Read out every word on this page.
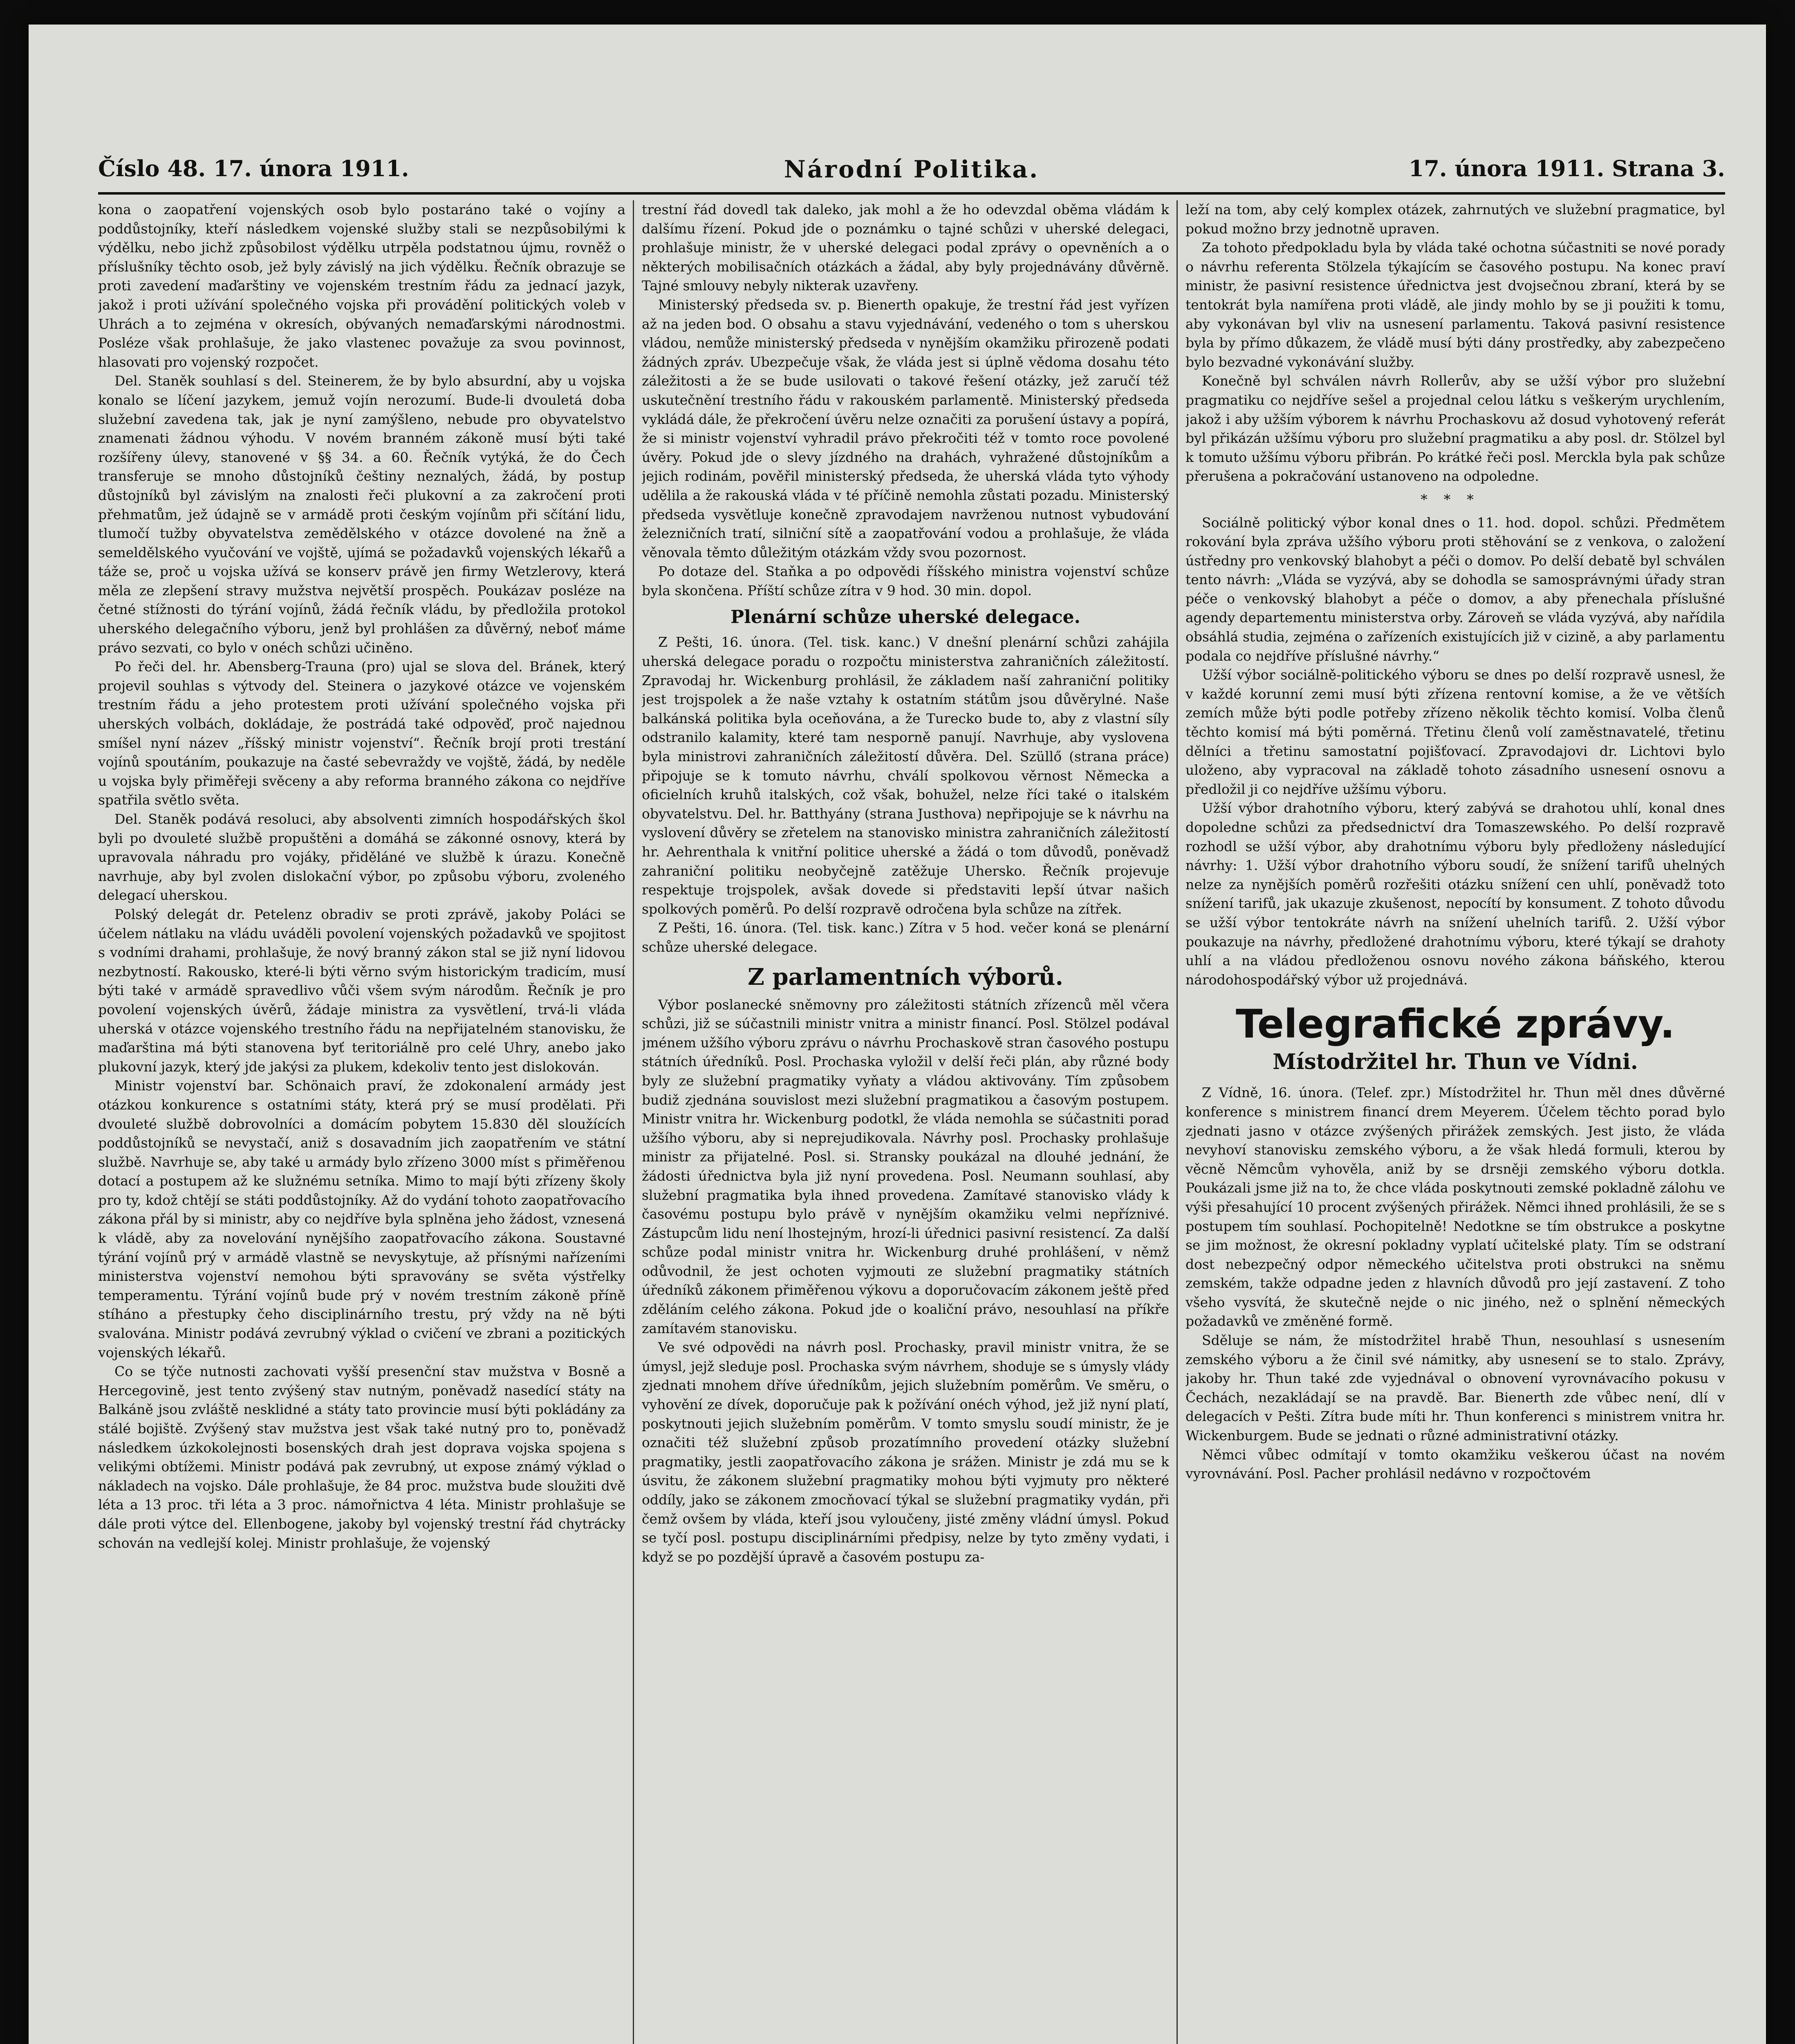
Číslo 48. 17. února 1911.	Národní Politika.	17. února 1911. Strana 3.

kona o zaopatření vojenských osob bylo postaráno také o vojíny a poddůstojníky, kteří následkem vojenské služby stali se nezpůsobilými k výdělku, nebo jichž způsobilost výdělku utrpěla podstatnou újmu, rovněž o příslušníky těchto osob, jež byly závislý na jich výdělku. Řečník obrazuje se proti zavedení maďarštiny ve vojenském trestním řádu za jednací jazyk, jakož i proti užívání společného vojska při provádění politických voleb v Uhrách a to zejména v okresích, obývaných nemaďarskými národnostmi. Posléze však prohlašuje, že jako vlastenec považuje za svou povinnost, hlasovati pro vojenský rozpočet.

Del. Staněk souhlasí s del. Steinerem, že by bylo absurdní, aby u vojska konalo se líčení jazykem, jemuž vojín nerozumí. Bude-li dvouletá doba služební zavedena tak, jak je nyní zamýšleno, nebude pro obyvatelstvo znamenati žádnou výhodu. V novém branném zákoně musí býti také rozšířeny úlevy, stanovené v §§ 34. a 60. Řečník vytýká, že do Čech transferuje se mnoho důstojníků češtiny neznalých, žádá, by postup důstojníků byl závislým na znalosti řeči plukovní a za zakročení proti přehmatům, jež údajně se v armádě proti českým vojínům při sčítání lidu, tlumočí tužby obyvatelstva zemědělského v otázce dovolené na žně a semeldělského vyučování ve vojště, ujímá se požadavků vojenských lékařů a táže se, proč u vojska užívá se konserv právě jen firmy Wetzlerovy, která měla ze zlepšení stravy mužstva největší prospěch. Poukázav posléze na četné stížnosti do týrání vojínů, žádá řečník vládu, by předložila protokol uherského delegačního výboru, jenž byl prohlášen za důvěrný, neboť máme právo sezvati, co bylo v onéch schůzi učiněno.

Po řeči del. hr. Abensberg-Trauna (pro) ujal se slova del. Bránek, který projevil souhlas s výtvody del. Steinera o jazykové otázce ve vojenském trestním řádu a jeho protestem proti užívání společného vojska při uherských volbách, dokládaje, že postrádá také odpověď, proč najednou smíšel nyní název „říšský ministr vojenství“. Řečník brojí proti trestání vojínů spoutáním, poukazuje na časté sebevraždy ve vojště, žádá, by neděle u vojska byly přiměřeji svěceny a aby reforma branného zákona co nejdříve spatřila světlo světa.

Del. Staněk podává resoluci, aby absolventi zimních hospodářských škol byli po dvouleté službě propuštěni a domáhá se zákonné osnovy, která by upravovala náhradu pro vojáky, přiděláné ve službě k úrazu. Konečně navrhuje, aby byl zvolen dislokační výbor, po způsobu výboru, zvoleného delegací uherskou.

Polský delegát dr. Petelenz obradiv se proti zprávě, jakoby Poláci se účelem nátlaku na vládu uváděli povolení vojenských požadavků ve spojitost s vodními drahami, prohlašuje, že nový branný zákon stal se již nyní lidovou nezbytností. Rakousko, které-li býti věrno svým historickým tradicím, musí býti také v armádě spravedlivo vůči všem svým národům. Řečník je pro povolení vojenských úvěrů, žádaje ministra za vysvětlení, trvá-li vláda uherská v otázce vojenského trestního řádu na nepřijatelném stanovisku, že maďarština má býti stanovena byť teritoriálně pro celé Uhry, anebo jako plukovní jazyk, který jde jakýsi za plukem, kdekoliv tento jest dislokován.

Ministr vojenství bar. Schönaich praví, že zdokonalení armády jest otázkou konkurence s ostatními státy, která prý se musí prodělati. Při dvouleté službě dobrovolníci a domácím pobytem 15.830 děl sloužících poddůstojníků se nevystačí, aniž s dosavadním jich zaopatřením ve státní službě. Navrhuje se, aby také u armády bylo zřízeno 3000 míst s přiměřenou dotací a postupem až ke služnému setníka. Mimo to mají býti zřízeny školy pro ty, kdož chtějí se státi poddůstojníky. Až do vydání tohoto zaopatřovacího zákona přál by si ministr, aby co nejdříve byla splněna jeho žádost, vznesená k vládě, aby za novelování nynějšího zaopatřovacího zákona. Soustavné týrání vojínů prý v armádě vlastně se nevyskytuje, až přísnými nařízeními ministerstva vojenství nemohou býti spravovány se světa výstřelky temperamentu. Týrání vojínů bude prý v novém trestním zákoně příně stíháno a přestupky čeho disciplinárního trestu, prý vždy na ně býti svalována. Ministr podává zevrubný výklad o cvičení ve zbrani a pozitických vojenských lékařů.

Co se týče nutnosti zachovati vyšší presenční stav mužstva v Bosně a Hercegovině, jest tento zvýšený stav nutným, poněvadž nasedící státy na Balkáně jsou zvláště nesklidné a státy tato provincie musí býti pokládány za stálé bojiště. Zvýšený stav mužstva jest však také nutný pro to, poněvadž následkem úzkokolejnosti bosenských drah jest doprava vojska spojena s velikými obtížemi. Ministr podává pak zevrubný, ut expose známý výklad o nákladech na vojsko. Dále prohlašuje, že 84 proc. mužstva bude sloužiti dvě léta a 13 proc. tři léta a 3 proc. námořnictva 4 léta. Ministr prohlašuje se dále proti výtce del. Ellenbogene, jakoby byl vojenský trestní řád chytrácky schován na vedlejší kolej. Ministr prohlašuje, že vojenský

trestní řád dovedl tak daleko, jak mohl a že ho odevzdal oběma vládám k dalšímu řízení. Pokud jde o poznámku o tajné schůzi v uherské delegaci, prohlašuje ministr, že v uherské delegaci podal zprávy o opevněních a o některých mobilisačních otázkách a žádal, aby byly projednávány důvěrně. Tajné smlouvy nebyly nikterak uzavřeny.

Ministerský předseda sv. p. Bienerth opakuje, že trestní řád jest vyřízen až na jeden bod. O obsahu a stavu vyjednávání, vedeného o tom s uherskou vládou, nemůže ministerský předseda v nynějším okamžiku přirozeně podati žádných zpráv. Ubezpečuje však, že vláda jest si úplně vědoma dosahu této záležitosti a že se bude usilovati o takové řešení otázky, jež zaručí též uskutečnění trestního řádu v rakouském parlamentě. Ministerský předseda vykládá dále, že překročení úvěru nelze označiti za porušení ústavy a popírá, že si ministr vojenství vyhradil právo překročiti též v tomto roce povolené úvěry. Pokud jde o slevy jízdného na drahách, vyhražené důstojníkům a jejich rodinám, pověřil ministerský předseda, že uherská vláda tyto výhody udělila a že rakouská vláda v té příčině nemohla zůstati pozadu. Ministerský předseda vysvětluje konečně zpravodajem navrženou nutnost vybudování železničních tratí, silniční sítě a zaopatřování vodou a prohlašuje, že vláda věnovala těmto důležitým otázkám vždy svou pozornost.

Po dotaze del. Staňka a po odpovědi říšského ministra vojenství schůze byla skončena. Příští schůze zítra v 9 hod. 30 min. dopol.

Plenární schůze uherské delegace.

Z Pešti, 16. února. (Tel. tisk. kanc.) V dnešní plenární schůzi zahájila uherská delegace poradu o rozpočtu ministerstva zahraničních záležitostí. Zpravodaj hr. Wickenburg prohlásil, že základem naší zahraniční politiky jest trojspolek a že naše vztahy k ostatním státům jsou důvěrylné. Naše balkánská politika byla oceňována, a že Turecko bude to, aby z vlastní síly odstranilo kalamity, které tam nesporně panují. Navrhuje, aby vyslovena byla ministrovi zahraničních záležitostí důvěra. Del. Szüllő (strana práce) připojuje se k tomuto návrhu, chválí spolkovou věrnost Německa a oficielních kruhů italských, což však, bohužel, nelze říci také o italském obyvatelstvu. Del. hr. Batthyány (strana Justhova) nepřipojuje se k návrhu na vyslovení důvěry se zřetelem na stanovisko ministra zahraničních záležitostí hr. Aehrenthala k vnitřní politice uherské a žádá o tom důvodů, poněvadž zahraniční politiku neobyčejně zatěžuje Uhersko. Řečník projevuje respektuje trojspolek, avšak dovede si představiti lepší útvar našich spolkových poměrů. Po delší rozpravě odročena byla schůze na zítřek.

Z Pešti, 16. února. (Tel. tisk. kanc.) Zítra v 5 hod. večer koná se plenární schůze uherské delegace.

Z parlamentních výborů.

Výbor poslanecké sněmovny pro záležitosti státních zřízenců měl včera schůzi, již se súčastnili ministr vnitra a ministr financí. Posl. Stölzel podával jménem užšího výboru zprávu o návrhu Prochaskově stran časového postupu státních úředníků. Posl. Prochaska vyložil v delší řeči plán, aby různé body byly ze služební pragmatiky vyňaty a vládou aktivovány. Tím způsobem budiž zjednána souvislost mezi služební pragmatikou a časovým postupem. Ministr vnitra hr. Wickenburg podotkl, že vláda nemohla se súčastniti porad užšího výboru, aby si neprejudikovala. Návrhy posl. Prochasky prohlašuje ministr za přijatelné. Posl. si. Stransky poukázal na dlouhé jednání, že žádosti úřednictva byla již nyní provedena. Posl. Neumann souhlasí, aby služební pragmatika byla ihned provedena. Zamítavé stanovisko vlády k časovému postupu bylo právě v nynějším okamžiku velmi nepříznivé. Zástupcům lidu není lhostejným, hrozí-li úřednici pasivní resistencí. Za další schůze podal ministr vnitra hr. Wickenburg druhé prohlášení, v němž odůvodnil, že jest ochoten vyjmouti ze služební pragmatiky státních úředníků zákonem přiměřenou výkovu a doporučovacím zákonem ještě před zděláním celého zákona. Pokud jde o koaliční právo, nesouhlasí na příkře zamítavém stanovisku.

Ve své odpovědi na návrh posl. Prochasky, pravil ministr vnitra, že se úmysl, jejž sleduje posl. Prochaska svým návrhem, shoduje se s úmysly vlády zjednati mnohem dříve úředníkům, jejich služebním poměrům. Ve směru, o vyhovění ze dívek, doporučuje pak k požívání onéch výhod, jež již nyní platí, poskytnouti jejich služebním poměrům. V tomto smyslu soudí ministr, že je označiti též služební způsob prozatímního provedení otázky služební pragmatiky, jestli zaopatřovacího zákona je srážen. Ministr je zdá mu se k úsvitu, že zákonem služební pragmatiky mohou býti vyjmuty pro některé oddíly, jako se zákonem zmocňovací týkal se služební pragmatiky vydán, při čemž ovšem by vláda, kteří jsou vyloučeny, jisté změny vládní úmysl. Pokud se tyčí posl. postupu disciplinárními předpisy, nelze by tyto změny vydati, i když se po pozdější úpravě a časovém postupu za-

leží na tom, aby celý komplex otázek, zahrnutých ve služební pragmatice, byl pokud možno brzy jednotně upraven.

Za tohoto předpokladu byla by vláda také ochotna súčastniti se nové porady o návrhu referenta Stölzela týkajícím se časového postupu. Na konec praví ministr, že pasivní resistence úřednictva jest dvojsečnou zbraní, která by se tentokrát byla namířena proti vládě, ale jindy mohlo by se ji použiti k tomu, aby vykonávan byl vliv na usnesení parlamentu. Taková pasivní resistence byla by přímo důkazem, že vládě musí býti dány prostředky, aby zabezpečeno bylo bezvadné vykonávání služby.

Konečně byl schválen návrh Rollerův, aby se užší výbor pro služební pragmatiku co nejdříve sešel a projednal celou látku s veškerým urychlením, jakož i aby užším výborem k návrhu Prochaskovu až dosud vyhotovený referát byl přikázán užšímu výboru pro služební pragmatiku a aby posl. dr. Stölzel byl k tomuto užšímu výboru přibrán. Po krátké řeči posl. Merckla byla pak schůze přerušena a pokračování ustanoveno na odpoledne.

***

Sociálně politický výbor konal dnes o 11. hod. dopol. schůzi. Předmětem rokování byla zpráva užšího výboru proti stěhování se z venkova, o založení ústředny pro venkovský blahobyt a péči o domov. Po delší debatě byl schválen tento návrh: „Vláda se vyzývá, aby se dohodla se samosprávnými úřady stran péče o venkovský blahobyt a péče o domov, a aby přenechala příslušné agendy departementu ministerstva orby. Zároveň se vláda vyzývá, aby nařídila obsáhlá studia, zejména o zařízeních existujících již v cizině, a aby parlamentu podala co nejdříve příslušné návrhy.“

Užší výbor sociálně-politického výboru se dnes po delší rozpravě usnesl, že v každé korunní zemi musí býti zřízena rentovní komise, a že ve větších zemích může býti podle potřeby zřízeno několik těchto komisí. Volba členů těchto komisí má býti poměrná. Třetinu členů volí zaměstnavatelé, třetinu dělníci a třetinu samostatní pojišťovací. Zpravodajovi dr. Lichtovi bylo uloženo, aby vypracoval na základě tohoto zásadního usnesení osnovu a předložil ji co nejdříve užšímu výboru.

Užší výbor drahotního výboru, který zabývá se drahotou uhlí, konal dnes dopoledne schůzi za předsednictví dra Tomaszewského. Po delší rozpravě rozhodl se užší výbor, aby drahotnímu výboru byly předloženy následující návrhy: 1. Užší výbor drahotního výboru soudí, že snížení tarifů uhelných nelze za nynějších poměrů rozřešiti otázku snížení cen uhlí, poněvadž toto snížení tarifů, jak ukazuje zkušenost, nepocítí by konsument. Z tohoto důvodu se užší výbor tentokráte návrh na snížení uhelních tarifů. 2. Užší výbor poukazuje na návrhy, předložené drahotnímu výboru, které týkají se drahoty uhlí a na vládou předloženou osnovu nového zákona báňského, kterou národohospodářský výbor už projednává.

Telegrafické zprávy.
Místodržitel hr. Thun ve Vídni.

Z Vídně, 16. února. (Telef. zpr.) Místodržitel hr. Thun měl dnes důvěrné konference s ministrem financí drem Meyerem. Účelem těchto porad bylo zjednati jasno v otázce zvýšených přirážek zemských. Jest jisto, že vláda nevyhoví stanovisku zemského výboru, a že však hledá formuli, kterou by věcně Němcům vyhověla, aniž by se drsněji zemského výboru dotkla. Poukázali jsme již na to, že chce vláda poskytnouti zemské pokladně zálohu ve výši přesahující 10 procent zvýšených přirážek. Němci ihned prohlásili, že se s postupem tím souhlasí. Pochopitelně! Nedotkne se tím obstrukce a poskytne se jim možnost, že okresní pokladny vyplatí učitelské platy. Tím se odstraní dost nebezpečný odpor německého učitelstva proti obstrukci na sněmu zemském, takže odpadne jeden z hlavních důvodů pro její zastavení. Z toho všeho vysvítá, že skutečně nejde o nic jiného, než o splnění německých požadavků ve změněné formě.

Sděluje se nám, že místodržitel hrabě Thun, nesouhlasí s usnesením zemského výboru a že činil své námitky, aby usnesení se to stalo. Zprávy, jakoby hr. Thun také zde vyjednával o obnovení vyrovnávacího pokusu v Čechách, nezakládají se na pravdě. Bar. Bienerth zde vůbec není, dlí v delegacích v Pešti. Zítra bude míti hr. Thun konferenci s ministrem vnitra hr. Wickenburgem. Bude se jednati o různé administrativní otázky.

Němci vůbec odmítají v tomto okamžiku veškerou účast na novém vyrovnávání. Posl. Pacher prohlásil nedávno v rozpočtovém
